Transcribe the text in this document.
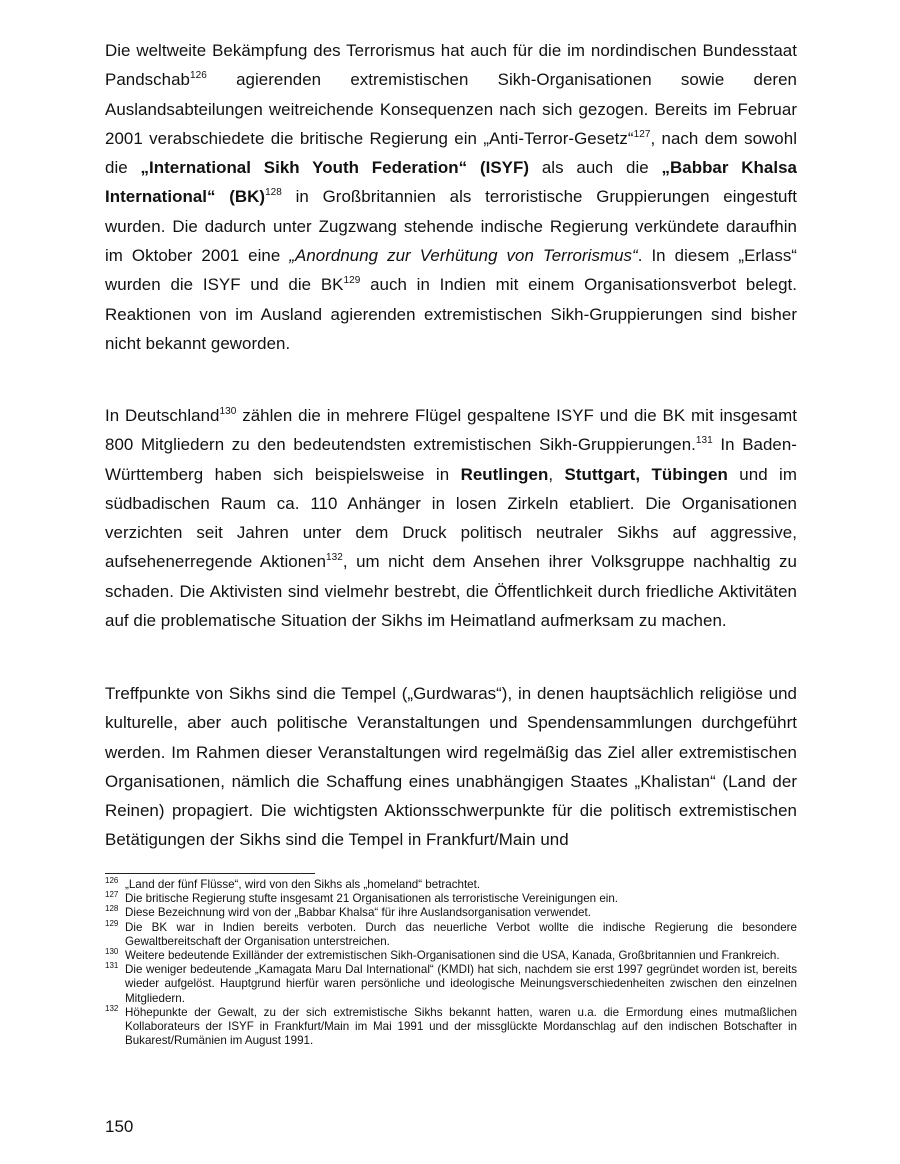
Die weltweite Bekämpfung des Terrorismus hat auch für die im nordindischen Bundesstaat Pandschab$^{126}$ agierenden extremistischen Sikh-Organisationen sowie deren Auslandsabteilungen weitreichende Konsequenzen nach sich gezogen. Bereits im Februar 2001 verabschiedete die britische Regierung ein „Anti-Terror-Gesetz“$^{127}$, nach dem sowohl die „International Sikh Youth Federation“ (ISYF) als auch die „Babbar Khalsa International“ (BK)$^{128}$ in Großbritannien als terroristische Gruppierungen eingestuft wurden. Die dadurch unter Zugzwang stehende indische Regierung verkündete daraufhin im Oktober 2001 eine „Anordnung zur Verhütung von Terrorismus“. In diesem „Erlass“ wurden die ISYF und die BK$^{129}$ auch in Indien mit einem Organisationsverbot belegt. Reaktionen von im Ausland agierenden extremistischen Sikh-Gruppierungen sind bisher nicht bekannt geworden.

In Deutschland$^{130}$ zählen die in mehrere Flügel gespaltene ISYF und die BK mit insgesamt 800 Mitgliedern zu den bedeutendsten extremistischen Sikh-Gruppierungen.$^{131}$ In Baden-Württemberg haben sich beispielsweise in Reutlingen, Stuttgart, Tübingen und im südbadischen Raum ca. 110 Anhänger in losen Zirkeln etabliert. Die Organisationen verzichten seit Jahren unter dem Druck politisch neutraler Sikhs auf aggressive, aufsehenerregende Aktionen$^{132}$, um nicht dem Ansehen ihrer Volksgruppe nachhaltig zu schaden. Die Aktivisten sind vielmehr bestrebt, die Öffentlichkeit durch friedliche Aktivitäten auf die problematische Situation der Sikhs im Heimatland aufmerksam zu machen.

Treffpunkte von Sikhs sind die Tempel („Gurdwaras“), in denen hauptsächlich religiöse und kulturelle, aber auch politische Veranstaltungen und Spendensammlungen durchgeführt werden. Im Rahmen dieser Veranstaltungen wird regelmäßig das Ziel aller extremistischen Organisationen, nämlich die Schaffung eines unabhängigen Staates „Khalistan“ (Land der Reinen) propagiert. Die wichtigsten Aktionsschwerpunkte für die politisch extremistischen Betätigungen der Sikhs sind die Tempel in Frankfurt/Main und

126 „Land der fünf Flüsse“, wird von den Sikhs als „homeland“ betrachtet.
127 Die britische Regierung stufte insgesamt 21 Organisationen als terroristische Vereinigungen ein.
128 Diese Bezeichnung wird von der „Babbar Khalsa“ für ihre Auslandsorganisation verwendet.
129 Die BK war in Indien bereits verboten. Durch das neuerliche Verbot wollte die indische Regierung die besondere Gewaltbereitschaft der Organisation unterstreichen.
130 Weitere bedeutende Exilländer der extremistischen Sikh-Organisationen sind die USA, Kanada, Großbritannien und Frankreich.
131 Die weniger bedeutende „Kamagata Maru Dal International“ (KMDI) hat sich, nachdem sie erst 1997 gegründet worden ist, bereits wieder aufgelöst. Hauptgrund hierfür waren persönliche und ideologische Meinungsverschiedenheiten zwischen den einzelnen Mitgliedern.
132 Höhepunkte der Gewalt, zu der sich extremistische Sikhs bekannt hatten, waren u.a. die Ermordung eines mutmaßlichen Kollaborateurs der ISYF in Frankfurt/Main im Mai 1991 und der missglückte Mordanschlag auf den indischen Botschafter in Bukarest/Rumänien im August 1991.
150
